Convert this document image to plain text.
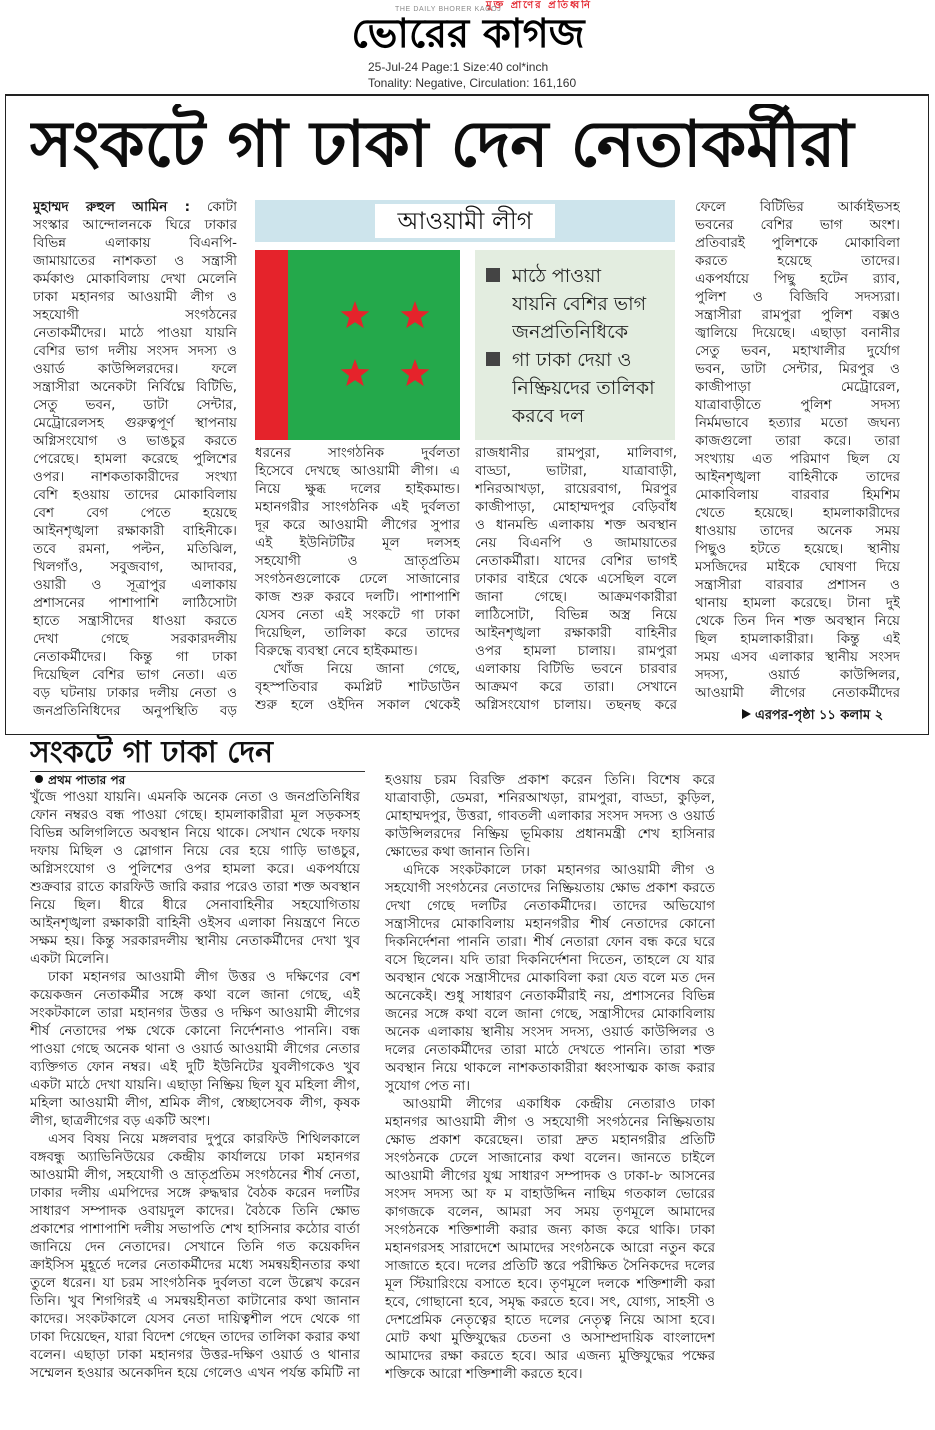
মুক্ত প্রাণের প্রতিধ্বনি
THE DAILY BHORER KAGOJ
ভোরের কাগজ
25-Jul-24 Page:1 Size:40 col*inch
Tonality: Negative, Circulation: 161,160
সংকটে গা ঢাকা দেন নেতাকর্মীরা
মুহাম্মদ রুহুল আমিন : কোটা
সংস্কার আন্দোলনকে ঘিরে ঢাকার
বিভিন্ন এলাকায় বিএনপি-
জামায়াতের নাশকতা ও সন্ত্রাসী
কর্মকাণ্ড মোকাবিলায় দেখা মেলেনি
ঢাকা মহানগর আওয়ামী লীগ ও
সহযোগী সংগঠনের
নেতাকর্মীদের। মাঠে পাওয়া যায়নি
বেশির ভাগ দলীয় সংসদ সদস্য ও
ওয়ার্ড কাউন্সিলরদের। ফলে
সন্ত্রাসীরা অনেকটা নির্বিঘ্নে বিটিভি,
সেতু ভবন, ডাটা সেন্টার,
মেট্রোরেলসহ গুরুত্বপূর্ণ স্থাপনায়
অগ্নিসংযোগ ও ভাঙচুর করতে
পেরেছে। হামলা করেছে পুলিশের
ওপর। নাশকতাকারীদের সংখ্যা
বেশি হওয়ায় তাদের মোকাবিলায়
বেশ বেগ পেতে হয়েছে
আইনশৃঙ্খলা রক্ষাকারী বাহিনীকে।
তবে রমনা, পল্টন, মতিঝিল,
খিলগাঁও, সবুজবাগ, আদাবর,
ওয়ারী ও সূত্রাপুর এলাকায়
প্রশাসনের পাশাপাশি লাঠিসোটা
হাতে সন্ত্রাসীদের ধাওয়া করতে
দেখা গেছে সরকারদলীয়
নেতাকর্মীদের। কিন্তু গা ঢাকা
দিয়েছিল বেশির ভাগ নেতা। এত
বড় ঘটনায় ঢাকার দলীয় নেতা ও
জনপ্রতিনিধিদের অনুপস্থিতি বড়
আওয়ামী লীগ
মাঠে পাওয়া
যায়নি বেশির ভাগ
জনপ্রতিনিধিকে
গা ঢাকা দেয়া ও
নিষ্ক্রিয়দের তালিকা
করবে দল
ধরনের সাংগঠনিক দুর্বলতা
হিসেবে দেখছে আওয়ামী লীগ। এ
নিয়ে ক্ষুব্ধ দলের হাইকমান্ড।
মহানগরীর সাংগঠনিক এই দুর্বলতা
দূর করে আওয়ামী লীগের সুপার
এই ইউনিটটির মূল দলসহ
সহযোগী ও ভ্রাতৃপ্রতিম
সংগঠনগুলোকে ঢেলে সাজানোর
কাজ শুরু করবে দলটি। পাশাপাশি
যেসব নেতা এই সংকটে গা ঢাকা
দিয়েছিল, তালিকা করে তাদের
বিরুদ্ধে ব্যবস্থা নেবে হাইকমান্ড।
খোঁজ নিয়ে জানা গেছে,
বৃহস্পতিবার কমপ্লিট শাটডাউন
শুরু হলে ওইদিন সকাল থেকেই
রাজধানীর রামপুরা, মালিবাগ,
বাড্ডা, ভাটারা, যাত্রাবাড়ী,
শনিরআখড়া, রায়েরবাগ, মিরপুর
কাজীপাড়া, মোহাম্মদপুর বেড়িবাঁধ
ও ধানমন্ডি এলাকায় শক্ত অবস্থান
নেয় বিএনপি ও জামায়াতের
নেতাকর্মীরা। যাদের বেশির ভাগই
ঢাকার বাইরে থেকে এসেছিল বলে
জানা গেছে। আক্রমণকারীরা
লাঠিসোটা, বিভিন্ন অস্ত্র নিয়ে
আইনশৃঙ্খলা রক্ষাকারী বাহিনীর
ওপর হামলা চালায়। রামপুরা
এলাকায় বিটিভি ভবনে চারবার
আক্রমণ করে তারা। সেখানে
অগ্নিসংযোগ চালায়। তছনছ করে
ফেলে বিটিভির আর্কাইভসহ
ভবনের বেশির ভাগ অংশ।
প্রতিবারই পুলিশকে মোকাবিলা
করতে হয়েছে তাদের।
একপর্যায়ে পিছু হটেন র‌্যাব,
পুলিশ ও বিজিবি সদস্যরা।
সন্ত্রাসীরা রামপুরা পুলিশ বক্সও
জ্বালিয়ে দিয়েছে। এছাড়া বনানীর
সেতু ভবন, মহাখালীর দুর্যোগ
ভবন, ডাটা সেন্টার, মিরপুর ও
কাজীপাড়া মেট্রোরেল,
যাত্রাবাড়ীতে পুলিশ সদস্য
নির্মমভাবে হত্যার মতো জঘন্য
কাজগুলো তারা করে। তারা
সংখ্যায় এত পরিমাণ ছিল যে
আইনশৃঙ্খলা বাহিনীকে তাদের
মোকাবিলায় বারবার হিমশিম
খেতে হয়েছে। হামলাকারীদের
ধাওয়ায় তাদের অনেক সময়
পিছুও হটতে হয়েছে। স্থানীয়
মসজিদের মাইকে ঘোষণা দিয়ে
সন্ত্রাসীরা বারবার প্রশাসন ও
থানায় হামলা করেছে। টানা দুই
থেকে তিন দিন শক্ত অবস্থান নিয়ে
ছিল হামলাকারীরা। কিন্তু এই
সময় এসব এলাকার স্থানীয় সংসদ
সদস্য, ওয়ার্ড কাউন্সিলর,
আওয়ামী লীগের নেতাকর্মীদের
এরপর-পৃষ্ঠা ১১ কলাম ২
সংকটে গা ঢাকা দেন
প্রথম পাতার পর
খুঁজে পাওয়া যায়নি। এমনকি অনেক নেতা ও জনপ্রতিনিধির
ফোন নম্বরও বন্ধ পাওয়া গেছে। হামলাকারীরা মূল সড়কসহ
বিভিন্ন অলিগলিতে অবস্থান নিয়ে থাকে। সেখান থেকে দফায়
দফায় মিছিল ও স্লোগান নিয়ে বের হয়ে গাড়ি ভাঙচুর,
অগ্নিসংযোগ ও পুলিশের ওপর হামলা করে। একপর্যায়ে
শুক্রবার রাতে কারফিউ জারি করার পরেও তারা শক্ত অবস্থান
নিয়ে ছিল। ধীরে ধীরে সেনাবাহিনীর সহযোগিতায়
আইনশৃঙ্খলা রক্ষাকারী বাহিনী ওইসব এলাকা নিয়ন্ত্রণে নিতে
সক্ষম হয়। কিন্তু সরকারদলীয় স্থানীয় নেতাকর্মীদের দেখা খুব
একটা মিলেনি।
ঢাকা মহানগর আওয়ামী লীগ উত্তর ও দক্ষিণের বেশ
কয়েকজন নেতাকর্মীর সঙ্গে কথা বলে জানা গেছে, এই
সংকটকালে তারা মহানগর উত্তর ও দক্ষিণ আওয়ামী লীগের
শীর্ষ নেতাদের পক্ষ থেকে কোনো নির্দেশনাও পাননি। বন্ধ
পাওয়া গেছে অনেক থানা ও ওয়ার্ড আওয়ামী লীগের নেতার
ব্যক্তিগত ফোন নম্বর। এই দুটি ইউনিটের যুবলীগকেও খুব
একটা মাঠে দেখা যায়নি। এছাড়া নিষ্ক্রিয় ছিল যুব মহিলা লীগ,
মহিলা আওয়ামী লীগ, শ্রমিক লীগ, স্বেচ্ছাসেবক লীগ, কৃষক
লীগ, ছাত্রলীগের বড় একটি অংশ।
এসব বিষয় নিয়ে মঙ্গলবার দুপুরে কারফিউ শিথিলকালে
বঙ্গবন্ধু অ্যাভিনিউয়ের কেন্দ্রীয় কার্যালয়ে ঢাকা মহানগর
আওয়ামী লীগ, সহযোগী ও ভ্রাতৃপ্রতিম সংগঠনের শীর্ষ নেতা,
ঢাকার দলীয় এমপিদের সঙ্গে রুদ্ধদ্বার বৈঠক করেন দলটির
সাধারণ সম্পাদক ওবায়দুল কাদের। বৈঠকে তিনি ক্ষোভ
প্রকাশের পাশাপাশি দলীয় সভাপতি শেখ হাসিনার কঠোর বার্তা
জানিয়ে দেন নেতাদের। সেখানে তিনি গত কয়েকদিন
ক্রাইসিস মুহূর্তে দলের নেতাকর্মীদের মধ্যে সমন্বয়হীনতার কথা
তুলে ধরেন। যা চরম সাংগঠনিক দুর্বলতা বলে উল্লেখ করেন
তিনি। খুব শিগগিরই এ সমন্বয়হীনতা কাটানোর কথা জানান
কাদের। সংকটকালে যেসব নেতা দায়িত্বশীল পদে থেকে গা
ঢাকা দিয়েছেন, যারা বিদেশ গেছেন তাদের তালিকা করার কথা
বলেন। এছাড়া ঢাকা মহানগর উত্তর-দক্ষিণ ওয়ার্ড ও থানার
সম্মেলন হওয়ার অনেকদিন হয়ে গেলেও এখন পর্যন্ত কমিটি না
হওয়ায় চরম বিরক্তি প্রকাশ করেন তিনি। বিশেষ করে
যাত্রাবাড়ী, ডেমরা, শনিরআখড়া, রামপুরা, বাড্ডা, কুড়িল,
মোহাম্মদপুর, উত্তরা, গাবতলী এলাকার সংসদ সদস্য ও ওয়ার্ড
কাউন্সিলরদের নিষ্ক্রিয় ভূমিকায় প্রধানমন্ত্রী শেখ হাসিনার
ক্ষোভের কথা জানান তিনি।
এদিকে সংকটকালে ঢাকা মহানগর আওয়ামী লীগ ও
সহযোগী সংগঠনের নেতাদের নিষ্ক্রিয়তায় ক্ষোভ প্রকাশ করতে
দেখা গেছে দলটির নেতাকর্মীদের। তাদের অভিযোগ
সন্ত্রাসীদের মোকাবিলায় মহানগরীর শীর্ষ নেতাদের কোনো
দিকনির্দেশনা পাননি তারা। শীর্ষ নেতারা ফোন বন্ধ করে ঘরে
বসে ছিলেন। যদি তারা দিকনির্দেশনা দিতেন, তাহলে যে যার
অবস্থান থেকে সন্ত্রাসীদের মোকাবিলা করা যেত বলে মত দেন
অনেকেই। শুধু সাধারণ নেতাকর্মীরাই নয়, প্রশাসনের বিভিন্ন
জনের সঙ্গে কথা বলে জানা গেছে, সন্ত্রাসীদের মোকাবিলায়
অনেক এলাকায় স্থানীয় সংসদ সদস্য, ওয়ার্ড কাউন্সিলর ও
দলের নেতাকর্মীদের তারা মাঠে দেখতে পাননি। তারা শক্ত
অবস্থান নিয়ে থাকলে নাশকতাকারীরা ধ্বংসাত্মক কাজ করার
সুযোগ পেত না।
আওয়ামী লীগের একাধিক কেন্দ্রীয় নেতারাও ঢাকা
মহানগর আওয়ামী লীগ ও সহযোগী সংগঠনের নিষ্ক্রিয়তায়
ক্ষোভ প্রকাশ করেছেন। তারা দ্রুত মহানগরীর প্রতিটি
সংগঠনকে ঢেলে সাজানোর কথা বলেন। জানতে চাইলে
আওয়ামী লীগের যুগ্ম সাধারণ সম্পাদক ও ঢাকা-৮ আসনের
সংসদ সদস্য আ ফ ম বাহাউদ্দিন নাছিম গতকাল ভোরের
কাগজকে বলেন, আমরা সব সময় তৃণমূলে আমাদের
সংগঠনকে শক্তিশালী করার জন্য কাজ করে থাকি। ঢাকা
মহানগরসহ সারাদেশে আমাদের সংগঠনকে আরো নতুন করে
সাজাতে হবে। দলের প্রতিটি স্তরে পরীক্ষিত সৈনিকদের দলের
মূল স্টিয়ারিংয়ে বসাতে হবে। তৃণমূলে দলকে শক্তিশালী করা
হবে, গোছানো হবে, সমৃদ্ধ করতে হবে। সৎ, যোগ্য, সাহসী ও
দেশপ্রেমিক নেতৃত্বের হাতে দলের নেতৃত্ব নিয়ে আসা হবে।
মোট কথা মুক্তিযুদ্ধের চেতনা ও অসাম্প্রদায়িক বাংলাদেশ
আমাদের রক্ষা করতে হবে। আর এজন্য মুক্তিযুদ্ধের পক্ষের
শক্তিকে আরো শক্তিশালী করতে হবে।
